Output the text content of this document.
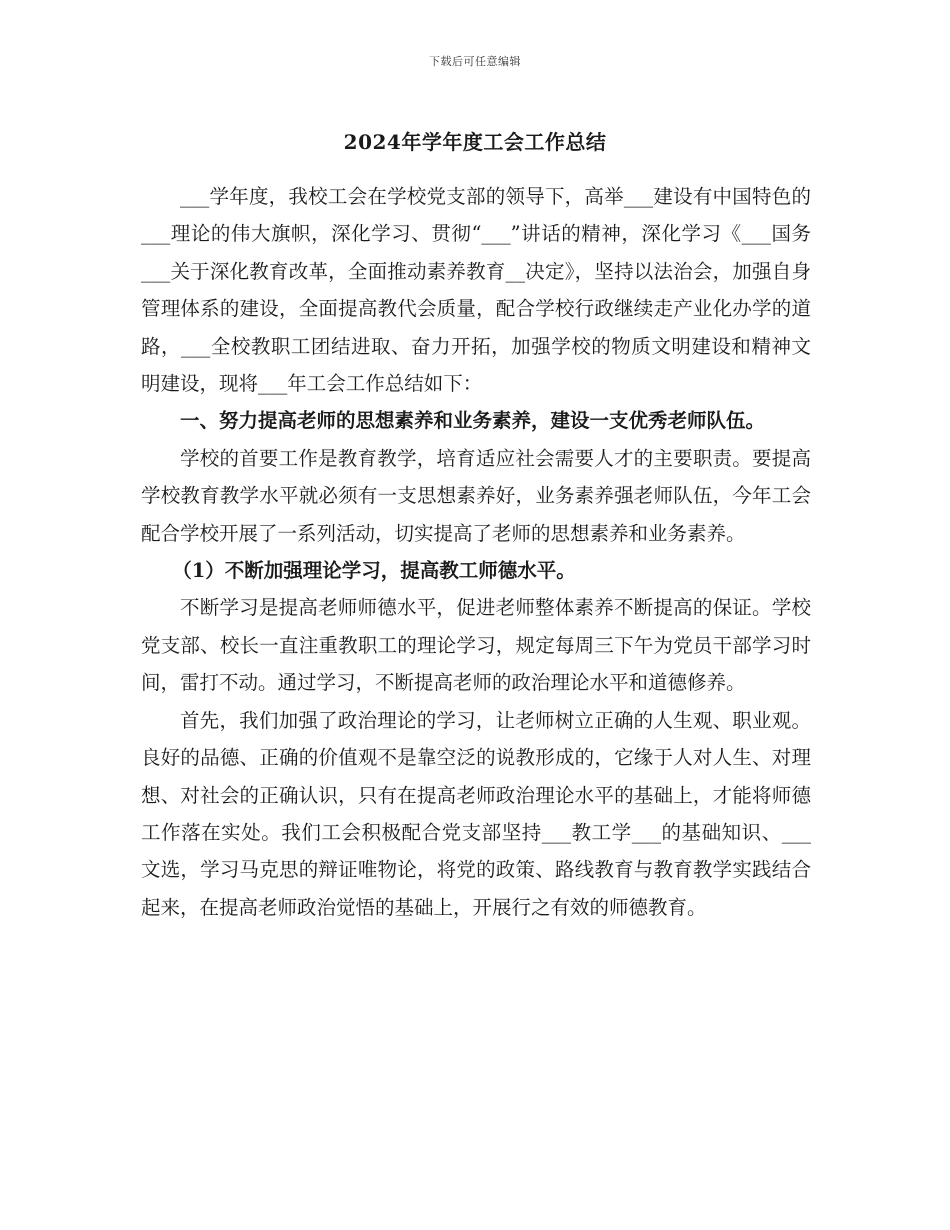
下载后可任意编辑
2024年学年度工会工作总结

___学年度，我校工会在学校党支部的领导下，高举___建设有中国特色的___理论的伟大旗帜，深化学习、贯彻“___”讲话的精神，深化学习《___国务___关于深化教育改革，全面推动素养教育__决定》，坚持以法治会，加强自身管理体系的建设，全面提高教代会质量，配合学校行政继续走产业化办学的道路，___全校教职工团结进取、奋力开拓，加强学校的物质文明建设和精神文明建设，现将___年工会工作总结如下：

一、努力提高老师的思想素养和业务素养，建设一支优秀老师队伍。

学校的首要工作是教育教学，培育适应社会需要人才的主要职责。要提高学校教育教学水平就必须有一支思想素养好，业务素养强老师队伍，今年工会配合学校开展了一系列活动，切实提高了老师的思想素养和业务素养。

（1）不断加强理论学习，提高教工师德水平。

不断学习是提高老师师德水平，促进老师整体素养不断提高的保证。学校党支部、校长一直注重教职工的理论学习，规定每周三下午为党员干部学习时间，雷打不动。通过学习，不断提高老师的政治理论水平和道德修养。

首先，我们加强了政治理论的学习，让老师树立正确的人生观、职业观。良好的品德、正确的价值观不是靠空泛的说教形成的，它缘于人对人生、对理想、对社会的正确认识，只有在提高老师政治理论水平的基础上，才能将师德工作落在实处。我们工会积极配合党支部坚持___教工学___的基础知识、___文选，学习马克思的辩证唯物论，将党的政策、路线教育与教育教学实践结合起来，在提高老师政治觉悟的基础上，开展行之有效的师德教育。
